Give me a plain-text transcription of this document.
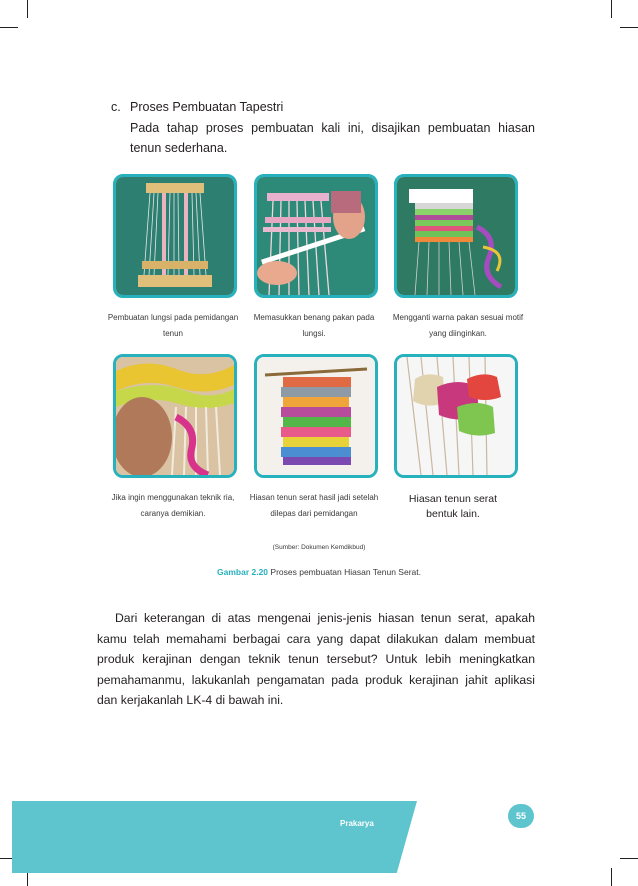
c. Proses Pembuatan Tapestri
Pada tahap proses pembuatan kali ini, disajikan pembuatan hiasan tenun sederhana.
Pembuatan lungsi pada pemidangan tenun
Memasukkan benang pakan pada lungsi.
Mengganti warna pakan sesuai motif yang diinginkan.
Jika ingin menggunakan teknik ria, caranya demikian.
Hiasan tenun serat hasil jadi setelah dilepas dari pemidangan
Hiasan tenun serat bentuk lain.
(Sumber: Dokumen Kemdikbud)
Gambar 2.20 Proses pembuatan Hiasan Tenun Serat.
Dari keterangan di atas mengenai jenis-jenis hiasan tenun serat, apakah kamu telah memahami berbagai cara yang dapat dilakukan dalam membuat produk kerajinan dengan teknik tenun tersebut? Untuk lebih meningkatkan pemahamanmu, lakukanlah pengamatan pada produk kerajinan jahit aplikasi dan kerjakanlah LK-4 di bawah ini.
Prakarya
55
